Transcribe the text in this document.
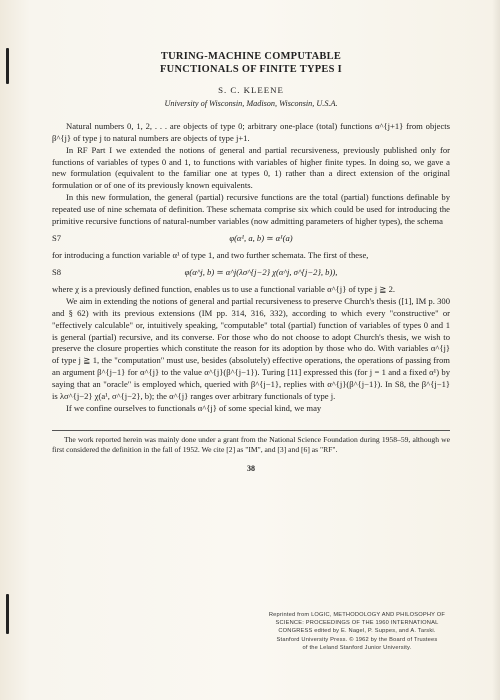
TURING-MACHINE COMPUTABLE
FUNCTIONALS OF FINITE TYPES I
S. C. KLEENE
University of Wisconsin, Madison, Wisconsin, U.S.A.

Natural numbers 0, 1, 2, . . . are objects of type 0; arbitrary one-place (total) functions α^{j+1} from objects β^{j} of type j to natural numbers are objects of type j+1.

In RF Part I we extended the notions of general and partial recursiveness, previously published only for functions of variables of types 0 and 1, to functions with variables of higher finite types. In doing so, we gave a new formulation (equivalent to the familiar one at types 0, 1) rather than a direct extension of the original formulation or of one of its previously known equivalents.

In this new formulation, the general (partial) recursive functions are the total (partial) functions definable by repeated use of nine schemata of definition. These schemata comprise six which could be used for introducing the primitive recursive functions of natural-number variables (now admitting parameters of higher types), the schema

S7	φ(α¹, a, b) ≃ α¹(a)

for introducing a function variable α¹ of type 1, and two further schemata. The first of these,

S8	φ(α^j, b) ≃ α^j(λσ^{j−2} χ(α^j, σ^{j−2}, b)),

where χ is a previously defined function, enables us to use a functional variable α^{j} of type j ≧ 2.

We aim in extending the notions of general and partial recursiveness to preserve Church's thesis ([1], IM p. 300 and § 62) with its previous extensions (IM pp. 314, 316, 332), according to which every "constructive" or "effectively calculable" or, intuitively speaking, "computable" total (partial) function of variables of types 0 and 1 is general (partial) recursive, and its converse. For those who do not choose to adopt Church's thesis, we wish to preserve the closure properties which constitute the reason for its adoption by those who do. With variables α^{j} of type j ≧ 1, the "computation" must use, besides (absolutely) effective operations, the operations of passing from an argument β^{j−1} for α^{j} to the value α^{j}(β^{j−1}). Turing [11] expressed this (for j = 1 and a fixed α¹) by saying that an "oracle" is employed which, queried with β^{j−1}, replies with α^{j}(β^{j−1}). In S8, the β^{j−1} is λσ^{j−2} χ(a¹, σ^{j−2}, b); the α^{j} ranges over arbitrary functionals of type j.

If we confine ourselves to functionals α^{j} of some special kind, we may

The work reported herein was mainly done under a grant from the National Science Foundation during 1958–59, although we first considered the definition in the fall of 1952. We cite [2] as "IM", and [3] and [6] as "RF".
38
Reprinted from LOGIC, METHODOLOGY AND PHILOSOPHY OF
SCIENCE: PROCEEDINGS OF THE 1960 INTERNATIONAL
CONGRESS edited by E. Nagel, P. Suppes, and A. Tarski.
Stanford University Press. © 1962 by the Board of Trustees
of the Leland Stanford Junior University.
